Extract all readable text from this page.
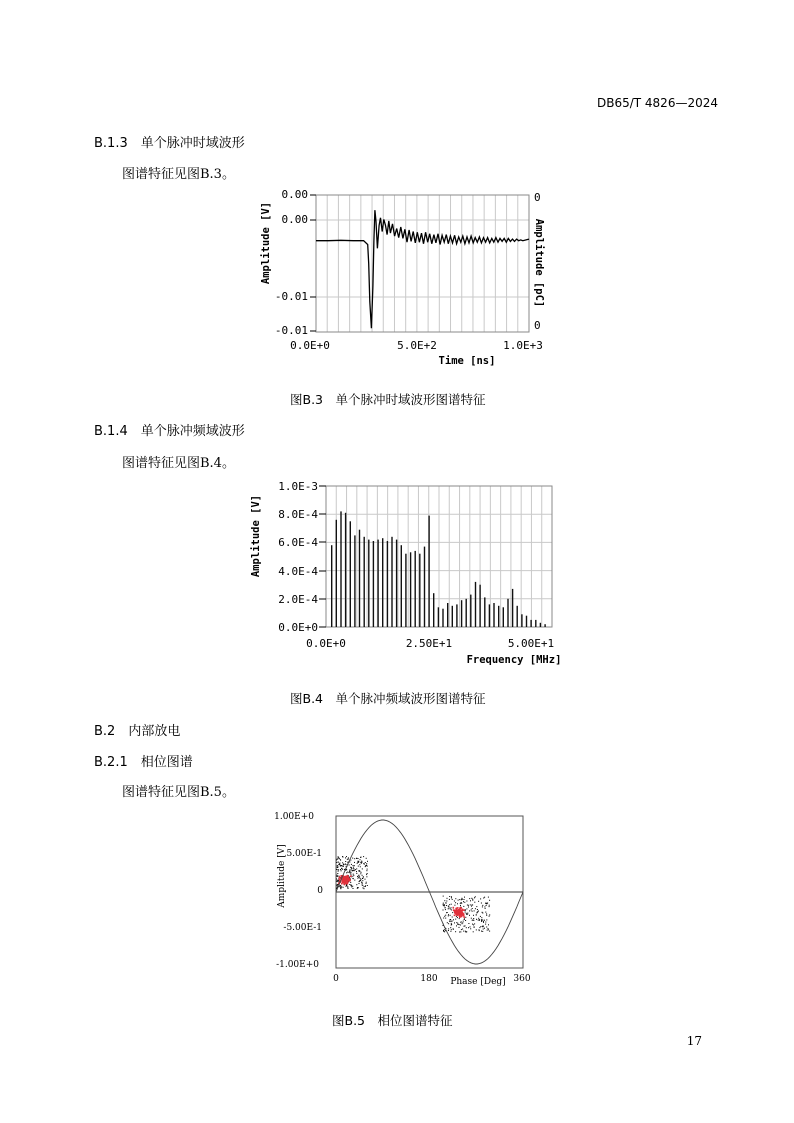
DB65/T 4826—2024
B.1.3　单个脉冲时域波形
图谱特征见图B.3。
0.0E+0	5.0E+2	1.0E+3
0.00
0.00
-0.01
-0.01
0
0
Time [ns]
Amplitude [V]	Amplitude [pC]
图B.3　单个脉冲时域波形图谱特征
B.1.4　单个脉冲频域波形
图谱特征见图B.4。
1.0E-3
8.0E-4
6.0E-4
4.0E-4
2.0E-4
0.0E+0
0.0E+0	2.50E+1	5.00E+1
Frequency [MHz]
Amplitude [V]
图B.4　单个脉冲频域波形图谱特征
B.2　内部放电
B.2.1　相位图谱
图谱特征见图B.5。
1.00E+0
5.00E-1
0
-5.00E-1
-1.00E+0
0	180	360
Phase [Deg]
Amplitude [V]
图B.5　相位图谱特征
17
